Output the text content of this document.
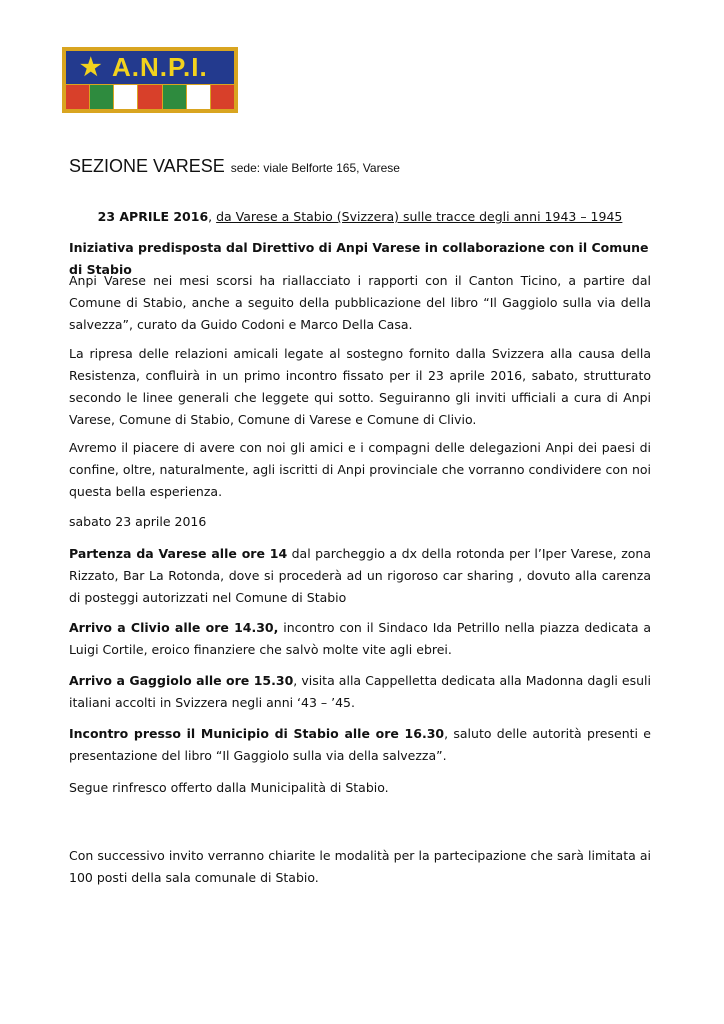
★ A.N.P.I.
SEZIONE VARESE sede: viale Belforte 165, Varese

23 APRILE 2016, da Varese a Stabio (Svizzera) sulle tracce degli anni 1943 – 1945

Iniziativa predisposta dal Direttivo di Anpi Varese in collaborazione con il Comune di Stabio

Anpi Varese nei mesi scorsi ha riallacciato i rapporti con il Canton Ticino, a partire dal Comune di Stabio, anche a seguito della pubblicazione del libro “Il Gaggiolo sulla via della salvezza”, curato da Guido Codoni e Marco Della Casa.

La ripresa delle relazioni amicali legate al sostegno fornito dalla Svizzera alla causa della Resistenza, confluirà in un primo incontro fissato per il 23 aprile 2016, sabato, strutturato secondo le linee generali che leggete qui sotto. Seguiranno gli inviti ufficiali a cura di Anpi Varese, Comune di Stabio, Comune di Varese e Comune di Clivio.

Avremo il piacere di avere con noi gli amici e i compagni delle delegazioni Anpi dei paesi di confine, oltre, naturalmente, agli iscritti di Anpi provinciale che vorranno condividere con noi questa bella esperienza.

sabato 23 aprile 2016

Partenza da Varese alle ore 14 dal parcheggio a dx della rotonda per l’Iper Varese, zona Rizzato, Bar La Rotonda, dove si procederà ad un rigoroso car sharing , dovuto alla carenza di posteggi autorizzati nel Comune di Stabio

Arrivo a Clivio alle ore 14.30, incontro con il Sindaco Ida Petrillo nella piazza dedicata a Luigi Cortile, eroico finanziere che salvò molte vite agli ebrei.

Arrivo a Gaggiolo alle ore 15.30, visita alla Cappelletta dedicata alla Madonna dagli esuli italiani accolti in Svizzera negli anni ‘43 – ’45.

Incontro presso il Municipio di Stabio alle ore 16.30, saluto delle autorità presenti e presentazione del libro “Il Gaggiolo sulla via della salvezza”.

Segue rinfresco offerto dalla Municipalità di Stabio.

Con successivo invito verranno chiarite le modalità per la partecipazione che sarà limitata ai 100 posti della sala comunale di Stabio.
